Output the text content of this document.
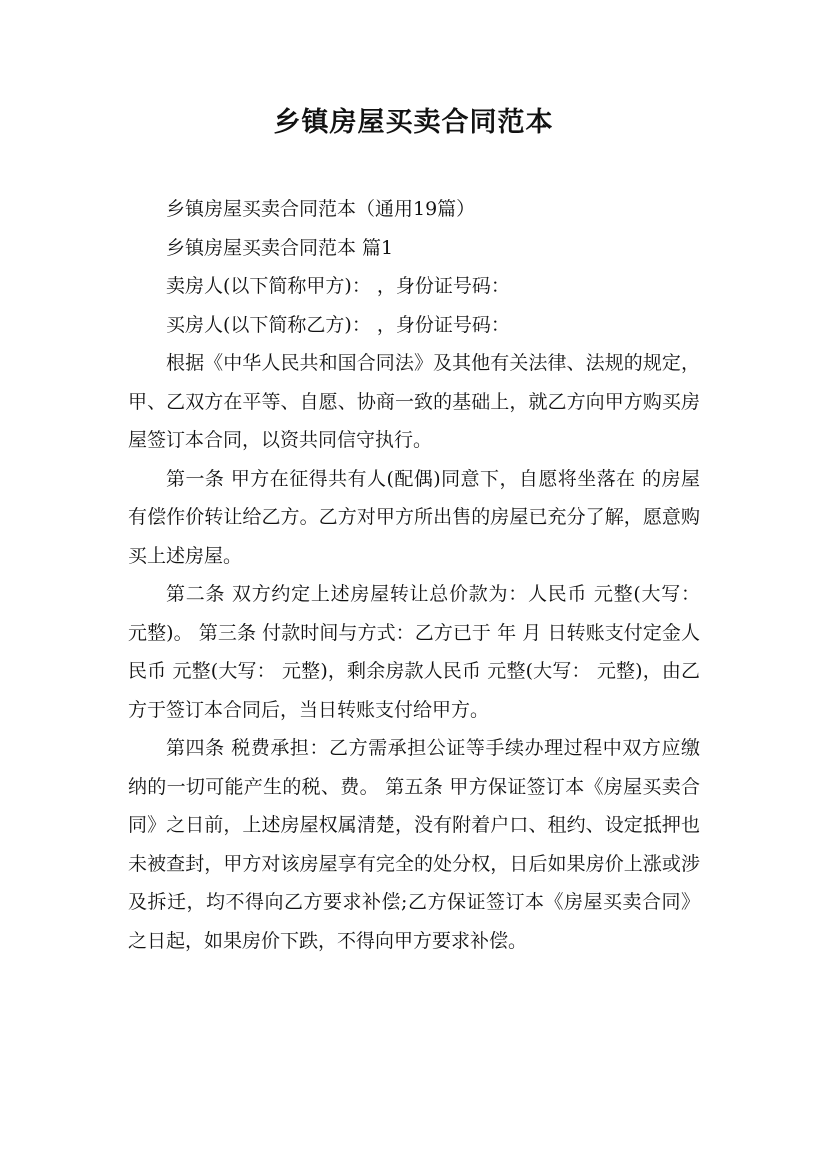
乡镇房屋买卖合同范本

乡镇房屋买卖合同范本（通用19篇）

乡镇房屋买卖合同范本 篇1

卖房人(以下简称甲方)： ，身份证号码：

买房人(以下简称乙方)： ，身份证号码：

根据《中华人民共和国合同法》及其他有关法律、法规的规定，甲、乙双方在平等、自愿、协商一致的基础上，就乙方向甲方购买房屋签订本合同，以资共同信守执行。

第一条 甲方在征得共有人(配偶)同意下，自愿将坐落在 的房屋有偿作价转让给乙方。乙方对甲方所出售的房屋已充分了解，愿意购买上述房屋。

第二条 双方约定上述房屋转让总价款为：人民币 元整(大写： 元整)。 第三条 付款时间与方式：乙方已于 年 月 日转账支付定金人民币 元整(大写： 元整)，剩余房款人民币 元整(大写： 元整)，由乙方于签订本合同后，当日转账支付给甲方。

第四条 税费承担：乙方需承担公证等手续办理过程中双方应缴纳的一切可能产生的税、费。 第五条 甲方保证签订本《房屋买卖合同》之日前，上述房屋权属清楚，没有附着户口、租约、设定抵押也未被查封，甲方对该房屋享有完全的处分权，日后如果房价上涨或涉及拆迁，均不得向乙方要求补偿;乙方保证签订本《房屋买卖合同》之日起，如果房价下跌，不得向甲方要求补偿。
